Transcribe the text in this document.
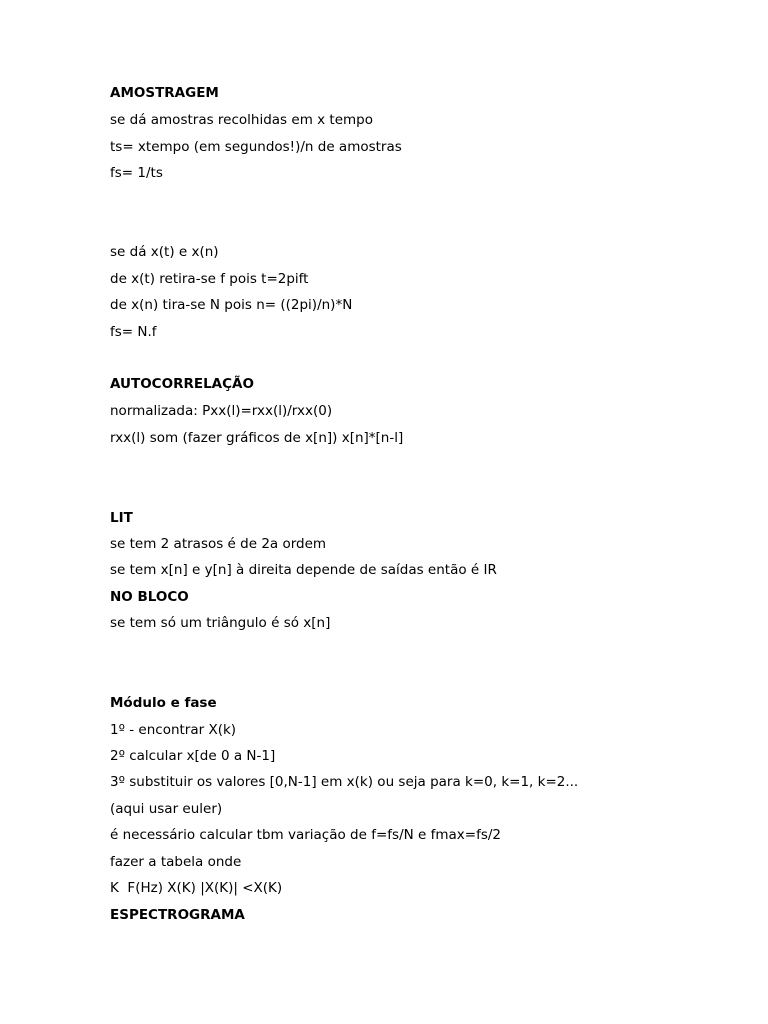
AMOSTRAGEM
se dá amostras recolhidas em x tempo
ts= xtempo (em segundos!)/n de amostras
fs= 1/ts
se dá x(t) e x(n)
de x(t) retira-se f pois t=2pift
de x(n) tira-se N pois n= ((2pi)/n)*N
fs= N.f
AUTOCORRELAÇÃO
normalizada: Pxx(l)=rxx(l)/rxx(0)
rxx(l) som (fazer gráficos de x[n]) x[n]*[n-l]
LIT
se tem 2 atrasos é de 2a ordem
se tem x[n] e y[n] à direita depende de saídas então é IR
NO BLOCO
se tem só um triângulo é só x[n]
Módulo e fase
1º - encontrar X(k)
2º calcular x[de 0 a N-1]
3º substituir os valores [0,N-1] em x(k) ou seja para k=0, k=1, k=2...
(aqui usar euler)
é necessário calcular tbm variação de f=fs/N e fmax=fs/2
fazer a tabela onde
K  F(Hz) X(K) |X(K)| <X(K)
ESPECTROGRAMA
